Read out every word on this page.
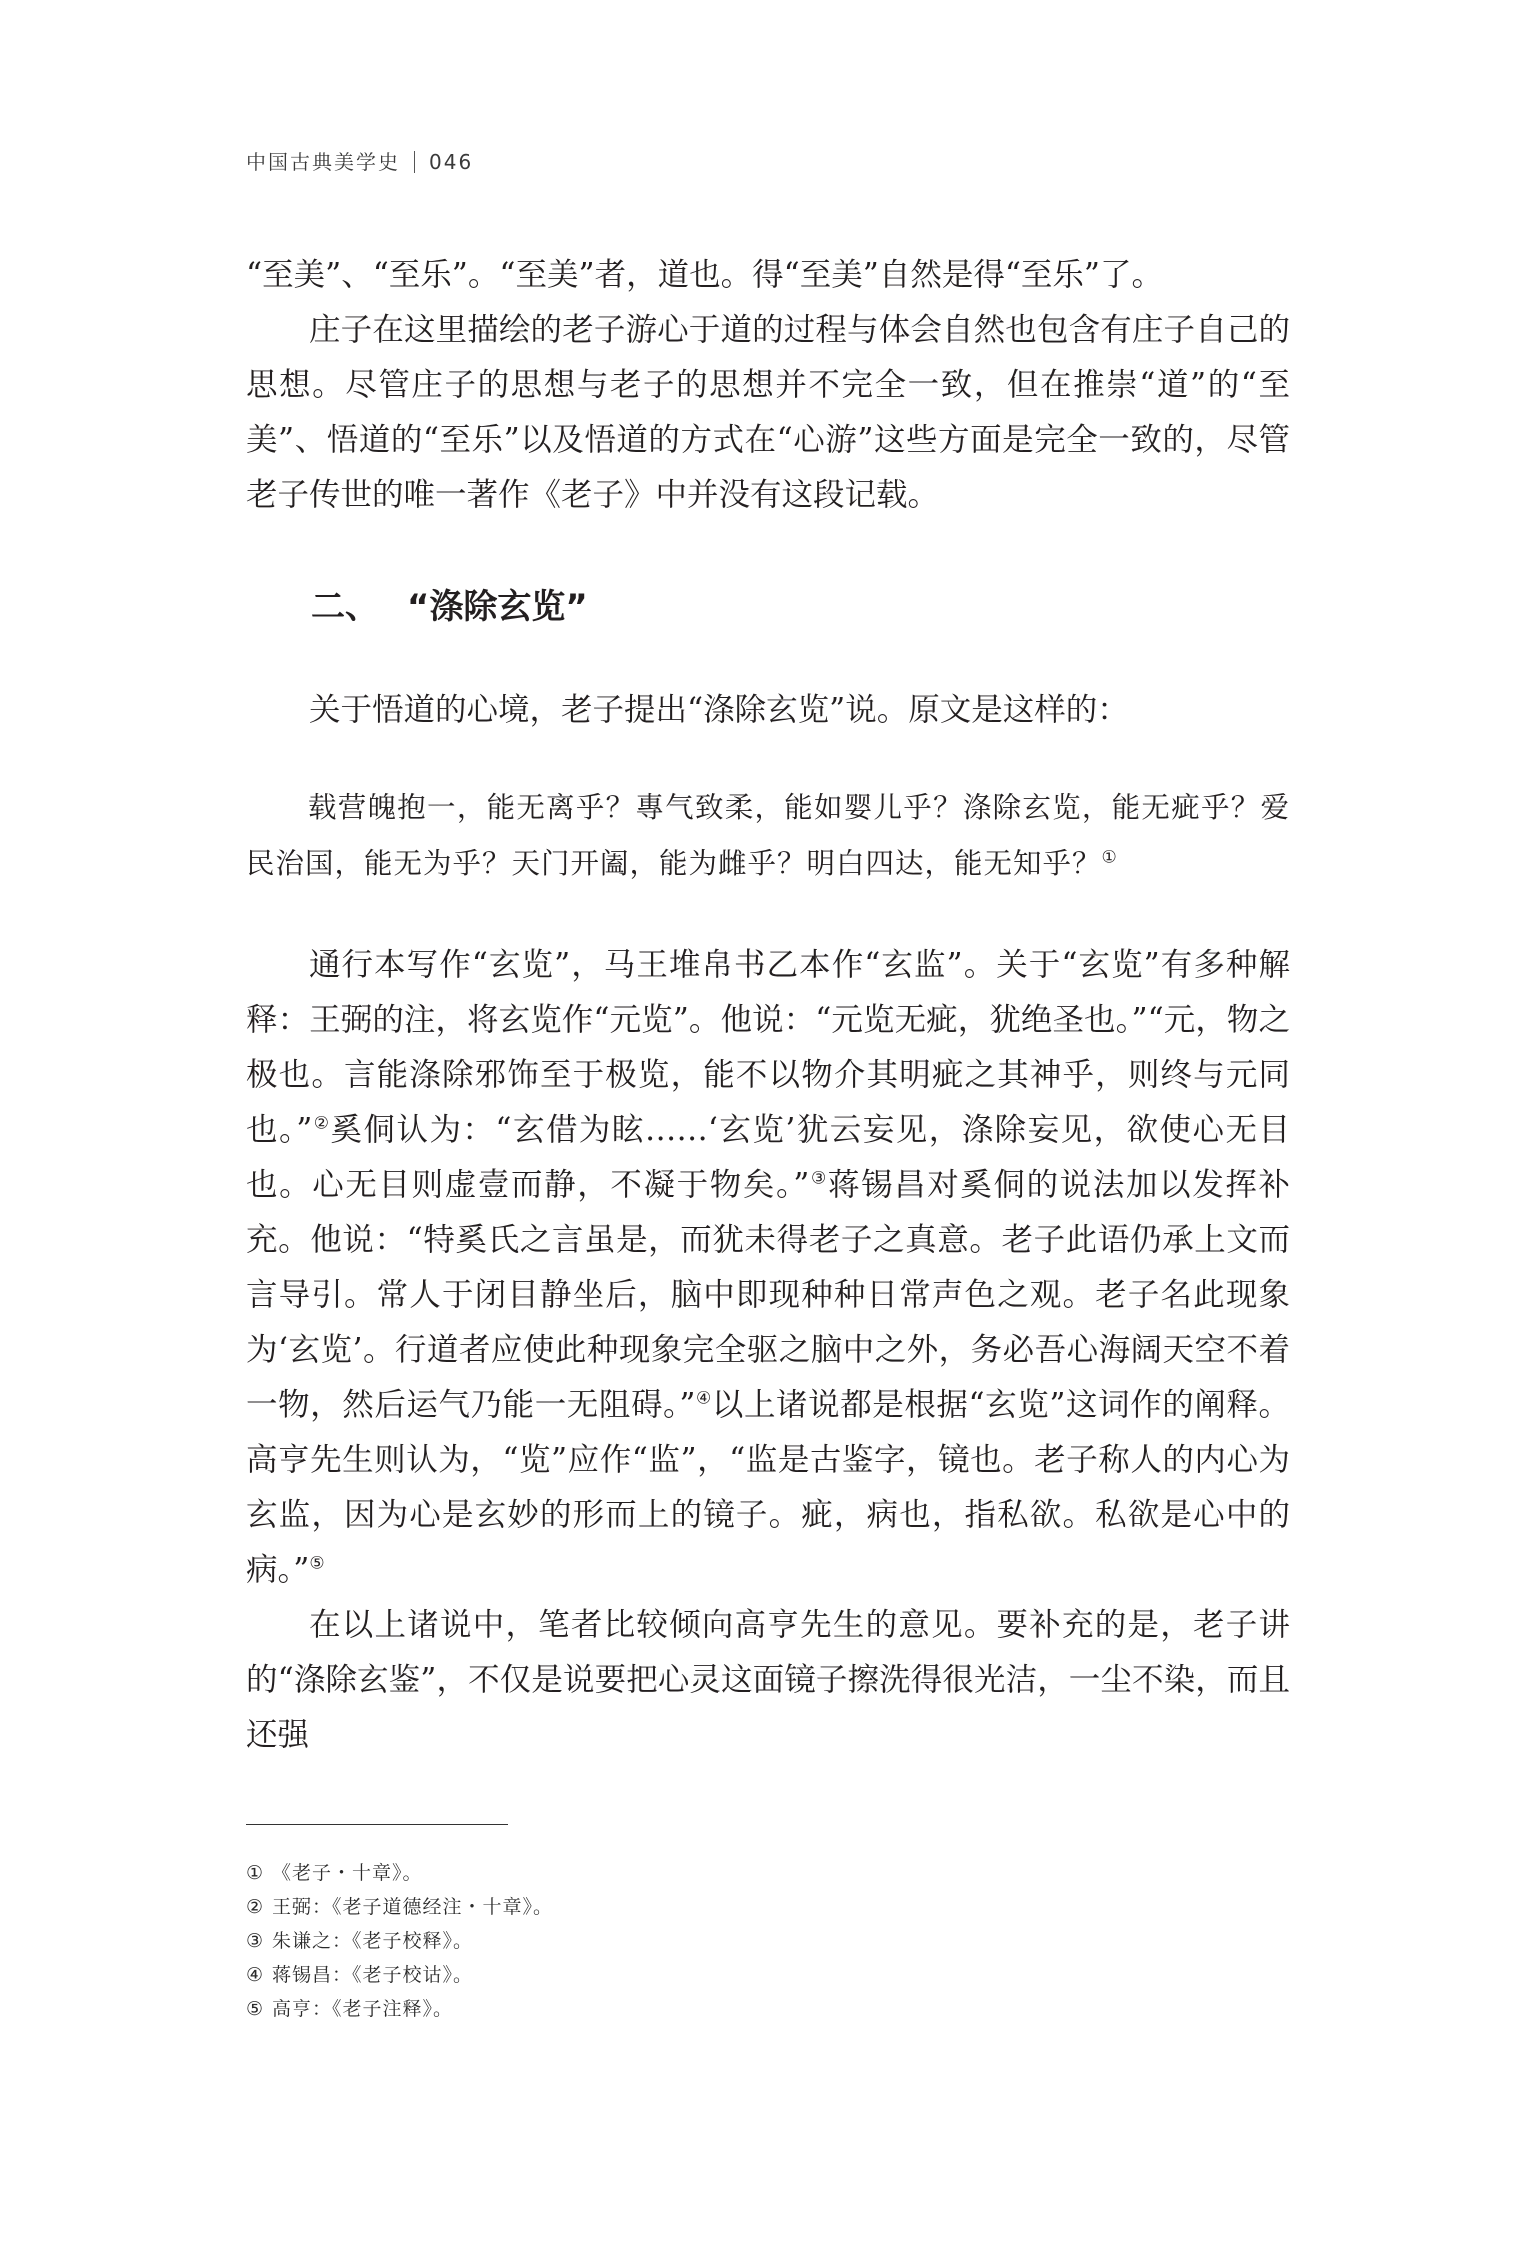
中国古典美学史 046

“至美”、“至乐”。“至美”者，道也。得“至美”自然是得“至乐”了。

庄子在这里描绘的老子游心于道的过程与体会自然也包含有庄子自己的思想。尽管庄子的思想与老子的思想并不完全一致，但在推崇“道”的“至美”、悟道的“至乐”以及悟道的方式在“心游”这些方面是完全一致的，尽管老子传世的唯一著作《老子》中并没有这段记载。

二、 “涤除玄览”

关于悟道的心境，老子提出“涤除玄览”说。原文是这样的：

载营魄抱一，能无离乎？專气致柔，能如婴儿乎？涤除玄览，能无疵乎？爱民治国，能无为乎？天门开阖，能为雌乎？明白四达，能无知乎？①

通行本写作“玄览”，马王堆帛书乙本作“玄监”。关于“玄览”有多种解释：王弼的注，将玄览作“元览”。他说：“元览无疵，犹绝圣也。”“元，物之极也。言能涤除邪饰至于极览，能不以物介其明疵之其神乎，则终与元同也。”②奚侗认为：“玄借为眩……‘玄览’犹云妄见，涤除妄见，欲使心无目也。心无目则虚壹而静，不凝于物矣。”③蒋锡昌对奚侗的说法加以发挥补充。他说：“特奚氏之言虽是，而犹未得老子之真意。老子此语仍承上文而言导引。常人于闭目静坐后，脑中即现种种日常声色之观。老子名此现象为‘玄览’。行道者应使此种现象完全驱之脑中之外，务必吾心海阔天空不着一物，然后运气乃能一无阻碍。”④以上诸说都是根据“玄览”这词作的阐释。高亨先生则认为，“览”应作“监”，“监是古鉴字，镜也。老子称人的内心为玄监，因为心是玄妙的形而上的镜子。疵，病也，指私欲。私欲是心中的病。”⑤

在以上诸说中，笔者比较倾向高亨先生的意见。要补充的是，老子讲的“涤除玄鉴”，不仅是说要把心灵这面镜子擦洗得很光洁，一尘不染，而且还强

① 《老子・十章》。
② 王弼：《老子道德经注・十章》。
③ 朱谦之：《老子校释》。
④ 蒋锡昌：《老子校诂》。
⑤ 高亨：《老子注释》。
